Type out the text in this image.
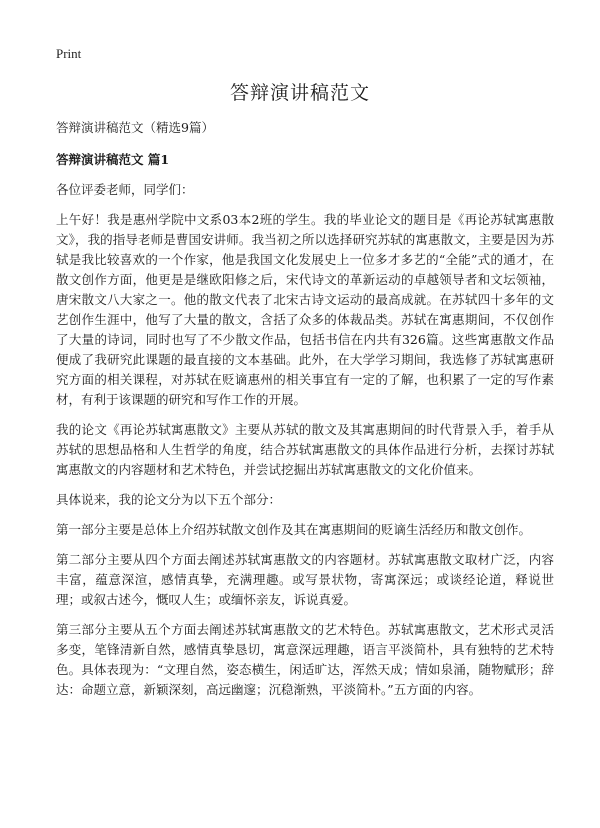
Print
答辩演讲稿范文

答辩演讲稿范文（精选9篇）

答辩演讲稿范文 篇1

各位评委老师，同学们：

上午好！我是惠州学院中文系03本2班的学生。我的毕业论文的题目是《再论苏轼寓惠散文》，我的指导老师是曹国安讲师。我当初之所以选择研究苏轼的寓惠散文，主要是因为苏轼是我比较喜欢的一个作家，他是我国文化发展史上一位多才多艺的“全能”式的通才，在散文创作方面，他更是是继欧阳修之后，宋代诗文的革新运动的卓越领导者和文坛领袖，唐宋散文八大家之一。他的散文代表了北宋古诗文运动的最高成就。在苏轼四十多年的文艺创作生涯中，他写了大量的散文，含括了众多的体裁品类。苏轼在寓惠期间，不仅创作了大量的诗词，同时也写了不少散文作品，包括书信在内共有326篇。这些寓惠散文作品便成了我研究此课题的最直接的文本基础。此外，在大学学习期间，我选修了苏轼寓惠研究方面的相关课程，对苏轼在贬谪惠州的相关事宜有一定的了解，也积累了一定的写作素材，有利于该课题的研究和写作工作的开展。

我的论文《再论苏轼寓惠散文》主要从苏轼的散文及其寓惠期间的时代背景入手，着手从苏轼的思想品格和人生哲学的角度，结合苏轼寓惠散文的具体作品进行分析，去探讨苏轼寓惠散文的内容题材和艺术特色，并尝试挖掘出苏轼寓惠散文的文化价值来。

具体说来，我的论文分为以下五个部分：

第一部分主要是总体上介绍苏轼散文创作及其在寓惠期间的贬谪生活经历和散文创作。

第二部分主要从四个方面去阐述苏轼寓惠散文的内容题材。苏轼寓惠散文取材广泛，内容丰富，蕴意深渲，感情真挚，充满理趣。或写景状物，寄寓深远；或谈经论道，释说世理；或叙古述今，慨叹人生；或缅怀亲友，诉说真爱。

第三部分主要从五个方面去阐述苏轼寓惠散文的艺术特色。苏轼寓惠散文，艺术形式灵活多变，笔锋清新自然，感情真挚恳切，寓意深远理趣，语言平淡简朴，具有独特的艺术特色。具体表现为：“文理自然，姿态横生，闲适旷达，浑然天成；情如泉涌，随物赋形；辞达：命题立意，新颖深刻，高远幽邃；沉稳渐熟，平淡简朴。”五方面的内容。
